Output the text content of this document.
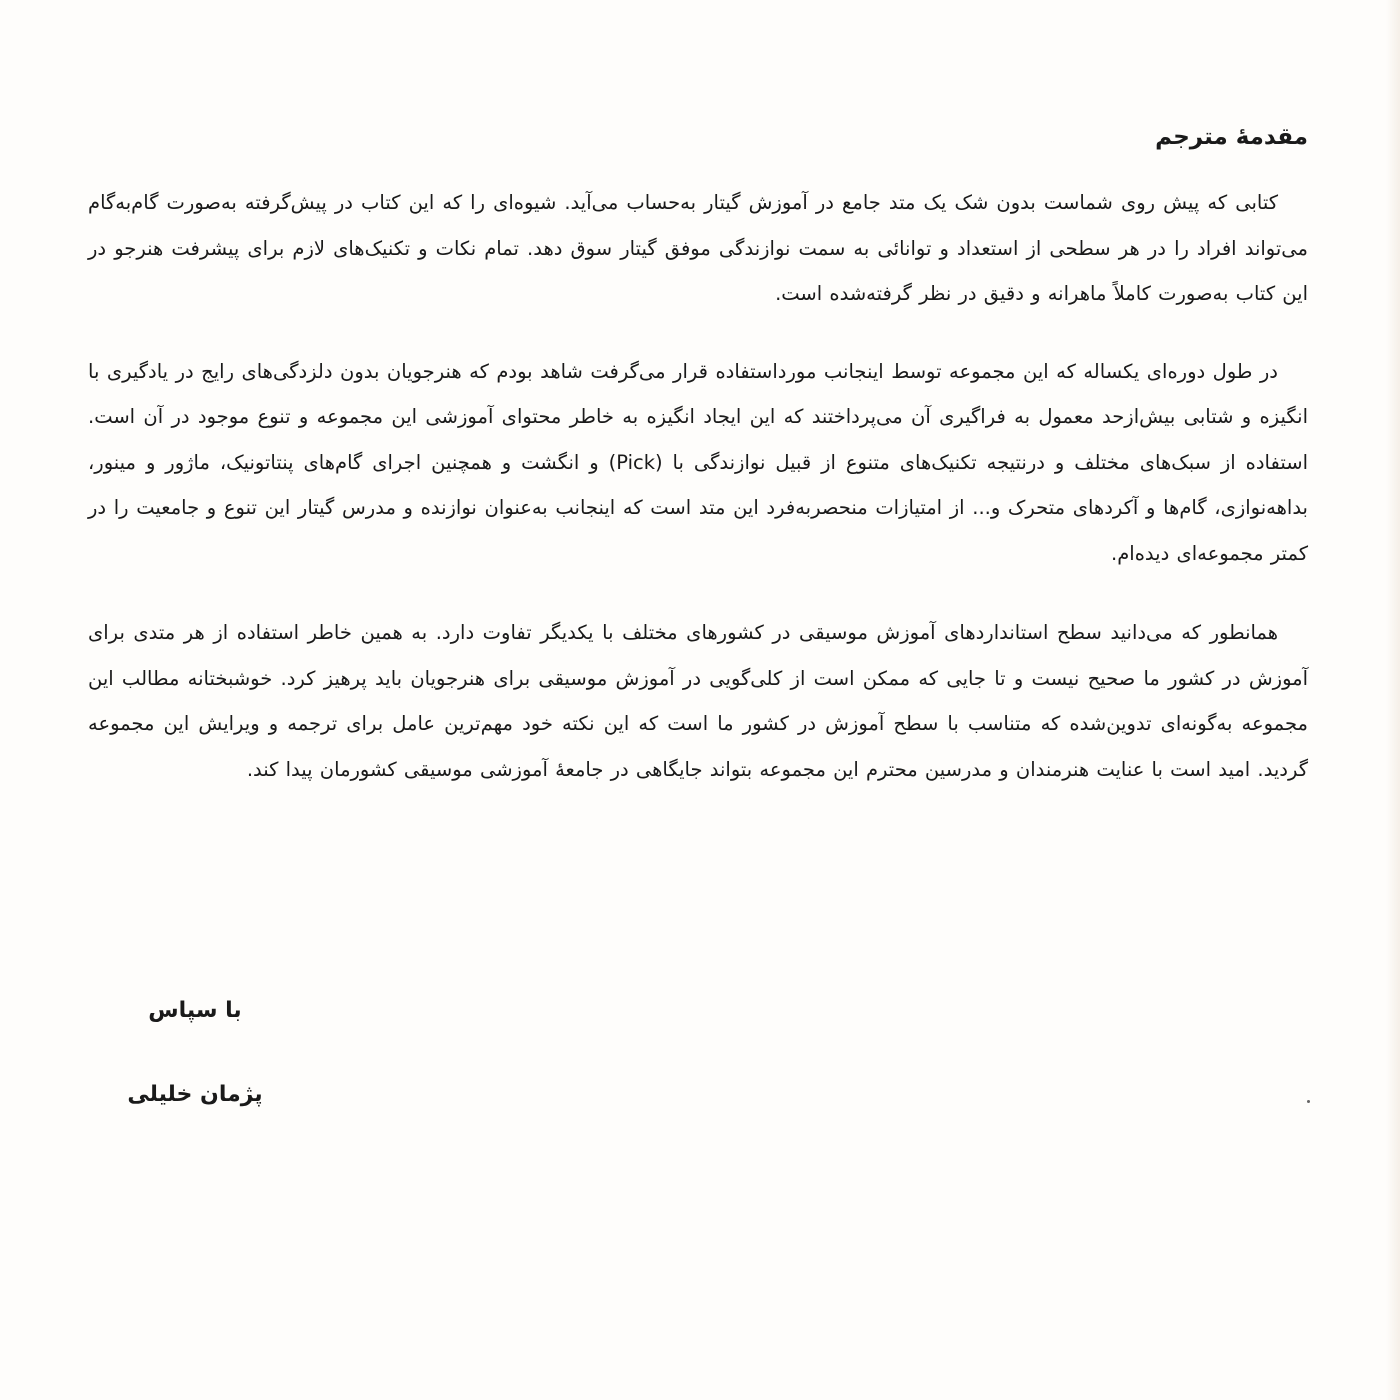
مقدمهٔ مترجم

کتابی که پیش روی شماست بدون شک یک متد جامع در آموزش گیتار به‌حساب می‌آید. شیوه‌ای را که این کتاب در پیش‌گرفته به‌صورت گام‌به‌گام می‌تواند افراد را در هر سطحی از استعداد و توانائی به سمت نوازندگی موفق گیتار سوق دهد. تمام نکات و تکنیک‌های لازم برای پیشرفت هنرجو در این کتاب به‌صورت کاملاً ماهرانه و دقیق در نظر گرفته‌شده است.

در طول دوره‌ای یکساله که این مجموعه توسط اینجانب مورداستفاده قرار می‌گرفت شاهد بودم که هنرجویان بدون دلزدگی‌های رایج در یادگیری با انگیزه و شتابی بیش‌ازحد معمول به فراگیری آن می‌پرداختند که این ایجاد انگیزه به خاطر محتوای آموزشی این مجموعه و تنوع موجود در آن است. استفاده از سبک‌های مختلف و درنتیجه تکنیک‌های متنوع از قبیل نوازندگی با (Pick) و انگشت و همچنین اجرای گام‌های پنتاتونیک، ماژور و مینور، بداهه‌نوازی، گام‌ها و آکردهای متحرک و... از امتیازات منحصربه‌فرد این متد است که اینجانب به‌عنوان نوازنده و مدرس گیتار این تنوع و جامعیت را در کمتر مجموعه‌ای دیده‌ام.

همانطور که می‌دانید سطح استانداردهای آموزش موسیقی در کشورهای مختلف با یکدیگر تفاوت دارد. به همین خاطر استفاده از هر متدی برای آموزش در کشور ما صحیح نیست و تا جایی که ممکن است از کلی‌گویی در آموزش موسیقی برای هنرجویان باید پرهیز کرد. خوشبختانه مطالب این مجموعه به‌گونه‌ای تدوین‌شده که متناسب با سطح آموزش در کشور ما است که این نکته خود مهم‌ترین عامل برای ترجمه و ویرایش این مجموعه گردید. امید است با عنایت هنرمندان و مدرسین محترم این مجموعه بتواند جایگاهی در جامعهٔ آموزشی موسیقی کشورمان پیدا کند.

با سپاس
پژمان خلیلی
